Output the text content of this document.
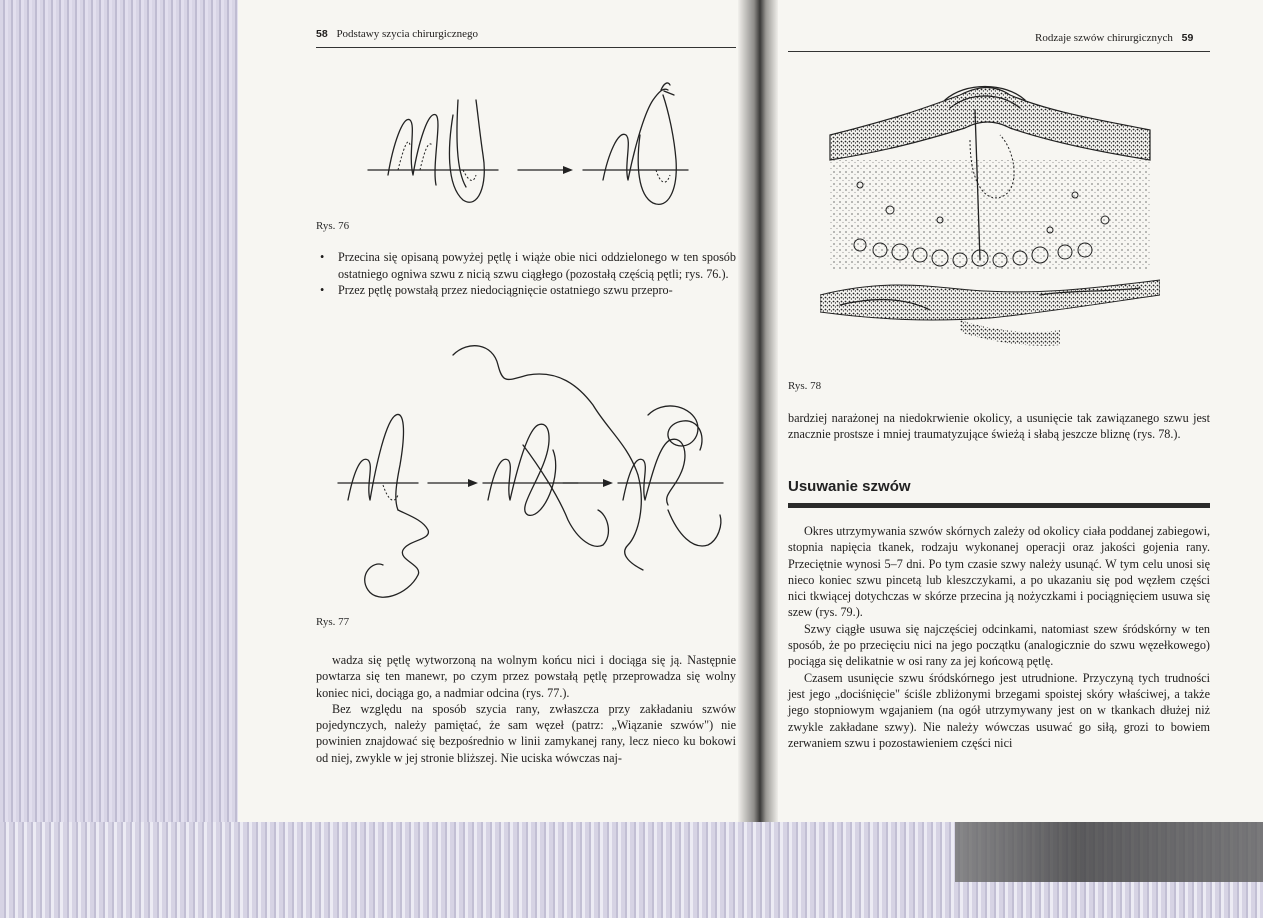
58 Podstawy szycia chirurgicznego
Rys. 76
• Przecina się opisaną powyżej pętlę i wiąże obie nici oddzielonego w ten sposób ostatniego ogniwa szwu z nicią szwu ciągłego (pozostałą częścią pętli; rys. 76.).
• Przez pętlę powstałą przez niedociągnięcie ostatniego szwu przepro-
Rys. 77

wadza się pętlę wytworzoną na wolnym końcu nici i dociąga się ją. Następnie powtarza się ten manewr, po czym przez powstałą pętlę przeprowadza się wolny koniec nici, dociąga go, a nadmiar odcina (rys. 77.).

Bez względu na sposób szycia rany, zwłaszcza przy zakładaniu szwów pojedynczych, należy pamiętać, że sam węzeł (patrz: „Wiązanie szwów") nie powinien znajdować się bezpośrednio w linii zamykanej rany, lecz nieco ku bokowi od niej, zwykle w jej stronie bliższej. Nie uciska wówczas naj-

Rodzaje szwów chirurgicznych 59
Rys. 78

bardziej narażonej na niedokrwienie okolicy, a usunięcie tak zawiązanego szwu jest znacznie prostsze i mniej traumatyzujące świeżą i słabą jeszcze bliznę (rys. 78.).

Usuwanie szwów

Okres utrzymywania szwów skórnych zależy od okolicy ciała poddanej zabiegowi, stopnia napięcia tkanek, rodzaju wykonanej operacji oraz jakości gojenia rany. Przeciętnie wynosi 5–7 dni. Po tym czasie szwy należy usunąć. W tym celu unosi się nieco koniec szwu pincetą lub kleszczykami, a po ukazaniu się pod węzłem części nici tkwiącej dotychczas w skórze przecina ją nożyczkami i pociągnięciem usuwa się szew (rys. 79.).

Szwy ciągłe usuwa się najczęściej odcinkami, natomiast szew śródskórny w ten sposób, że po przecięciu nici na jego początku (analogicznie do szwu węzełkowego) pociąga się delikatnie w osi rany za jej końcową pętlę.

Czasem usunięcie szwu śródskórnego jest utrudnione. Przyczyną tych trudności jest jego „dociśnięcie" ściśle zbliżonymi brzegami spoistej skóry właściwej, a także jego stopniowym wgajaniem (na ogół utrzymywany jest on w tkankach dłużej niż zwykle zakładane szwy). Nie należy wówczas usuwać go siłą, grozi to bowiem zerwaniem szwu i pozostawieniem części nici
